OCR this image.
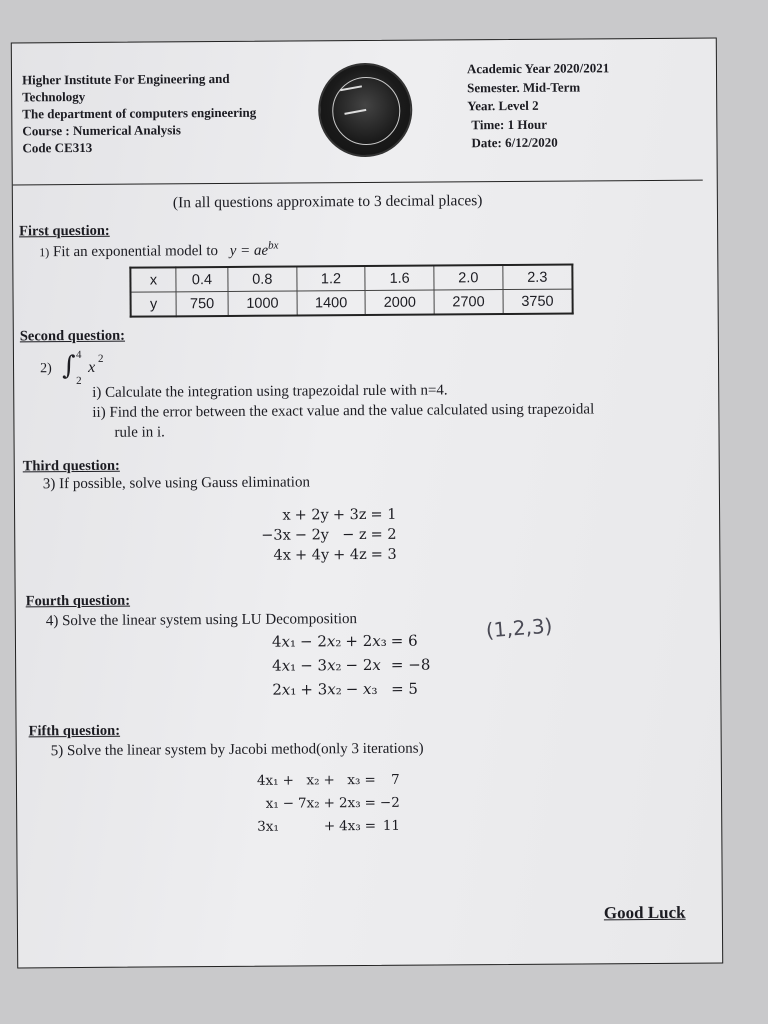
Higher Institute For Engineering and
Technology
The department of computers engineering
Course : Numerical Analysis
Code CE313
Academic Year 2020/2021
Semester. Mid-Term
Year. Level 2
Time: 1 Hour
Date: 6/12/2020
(In all questions approximate to 3 decimal places)
First question:
1) Fit an exponential model to $y = ae^{bx}$
x	0.4	0.8	1.2	1.6	2.0	2.3
y	750	1000	1400	2000	2700	3750
Second question:
2) ∫ 4
2
x
2
i) Calculate the integration using trapezoidal rule with n=4.
ii) Find the error between the exact value and the value calculated using trapezoidal
rule in i.
Third question:
3) If possible, solve using Gauss elimination
x	+ 2y	+ 3z	= 1
−3x	− 2y	− z	= 2
4x	+ 4y	+ 4z	= 3
Fourth question:
4) Solve the linear system using LU Decomposition	(1,2,3)
4𝑥₁	− 2𝑥₂	+ 2𝑥₃	= 6
4𝑥₁	− 3𝑥₂	− 2𝑥	= −8
2𝑥₁	+ 3𝑥₂	− 𝑥₃	= 5
Fifth question:
5) Solve the linear system by Jacobi method(only 3 iterations)
4x₁	+	x₂	+	x₃	=	7
x₁	−	7x₂	+	2x₃	=	−2
3x₁			+	4x₃	=	11
Good Luck
